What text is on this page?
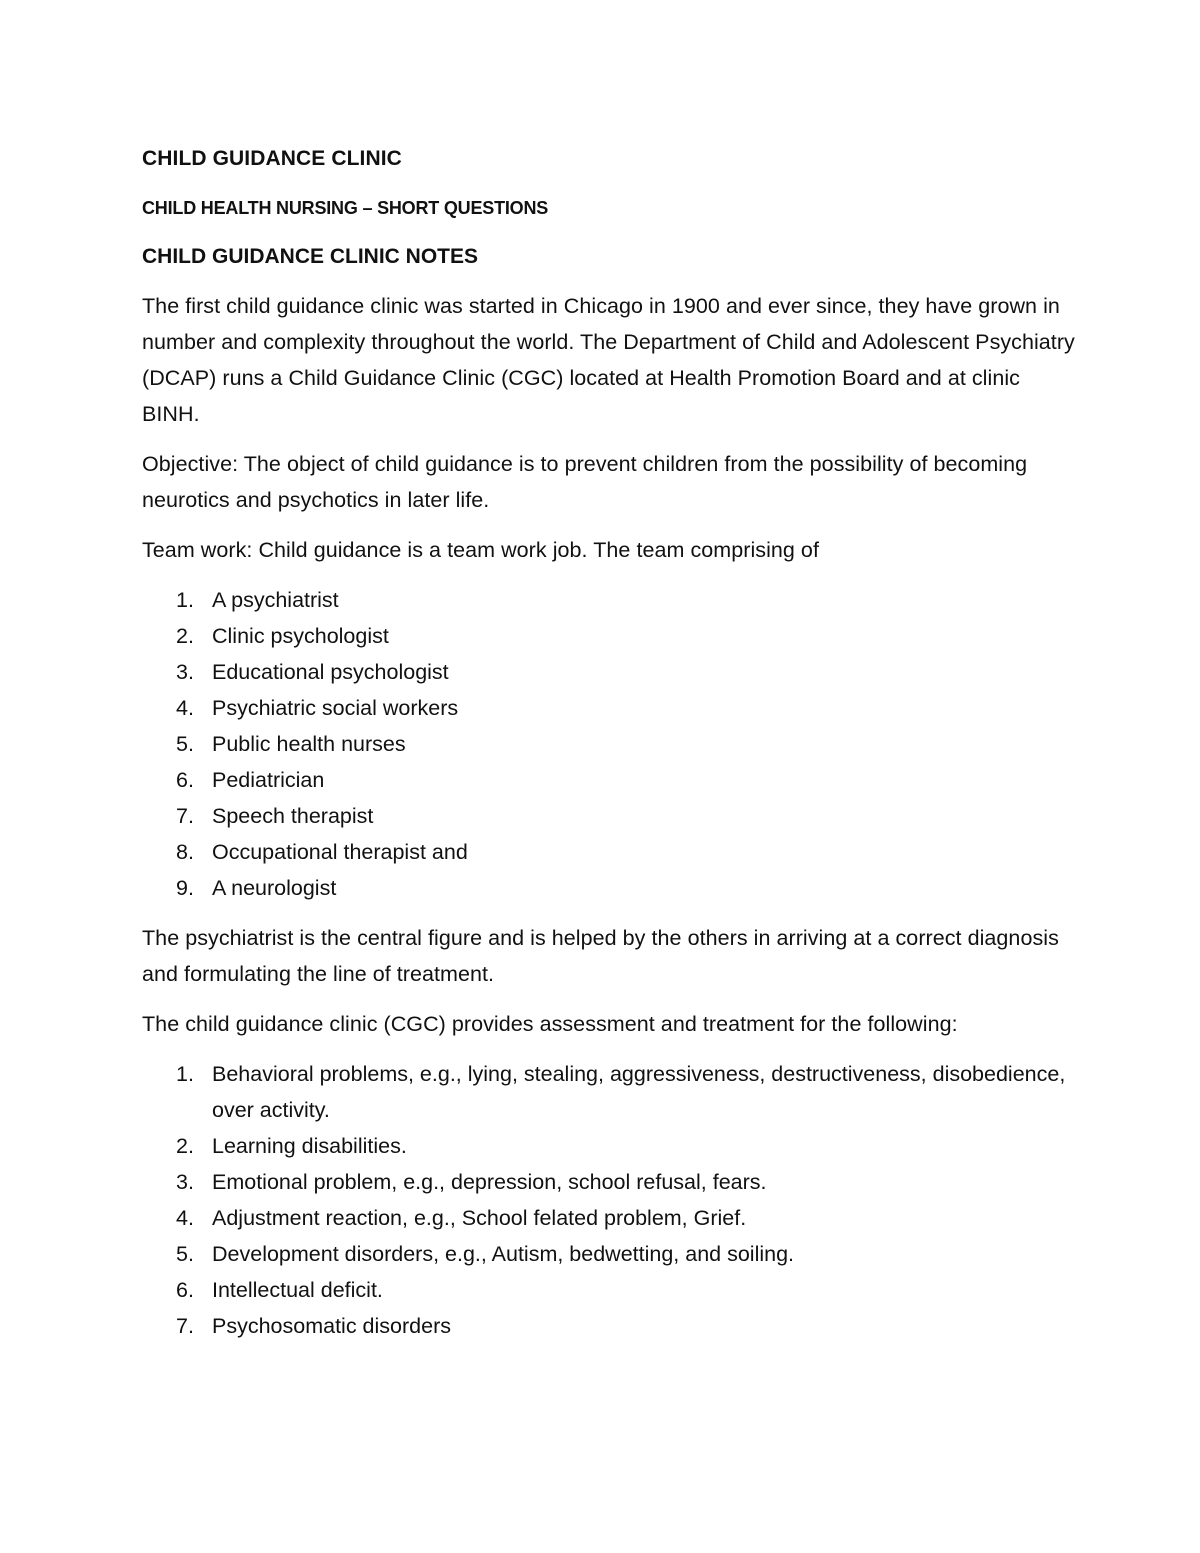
CHILD GUIDANCE CLINIC
CHILD HEALTH NURSING – SHORT QUESTIONS
CHILD GUIDANCE CLINIC NOTES

The first child guidance clinic was started in Chicago in 1900 and ever since, they have grown in number and complexity throughout the world. The Department of Child and Adolescent Psychiatry (DCAP) runs a Child Guidance Clinic (CGC) located at Health Promotion Board and at clinic BINH.

Objective: The object of child guidance is to prevent children from the possibility of becoming neurotics and psychotics in later life.

Team work: Child guidance is a team work job. The team comprising of

1. A psychiatrist
2. Clinic psychologist
3. Educational psychologist
4. Psychiatric social workers
5. Public health nurses
6. Pediatrician
7. Speech therapist
8. Occupational therapist and
9. A neurologist

The psychiatrist is the central figure and is helped by the others in arriving at a correct diagnosis and formulating the line of treatment.

The child guidance clinic (CGC) provides assessment and treatment for the following:

1. Behavioral problems, e.g., lying, stealing, aggressiveness, destructiveness, disobedience, over activity.
2. Learning disabilities.
3. Emotional problem, e.g., depression, school refusal, fears.
4. Adjustment reaction, e.g., School felated problem, Grief.
5. Development disorders, e.g., Autism, bedwetting, and soiling.
6. Intellectual deficit.
7. Psychosomatic disorders
